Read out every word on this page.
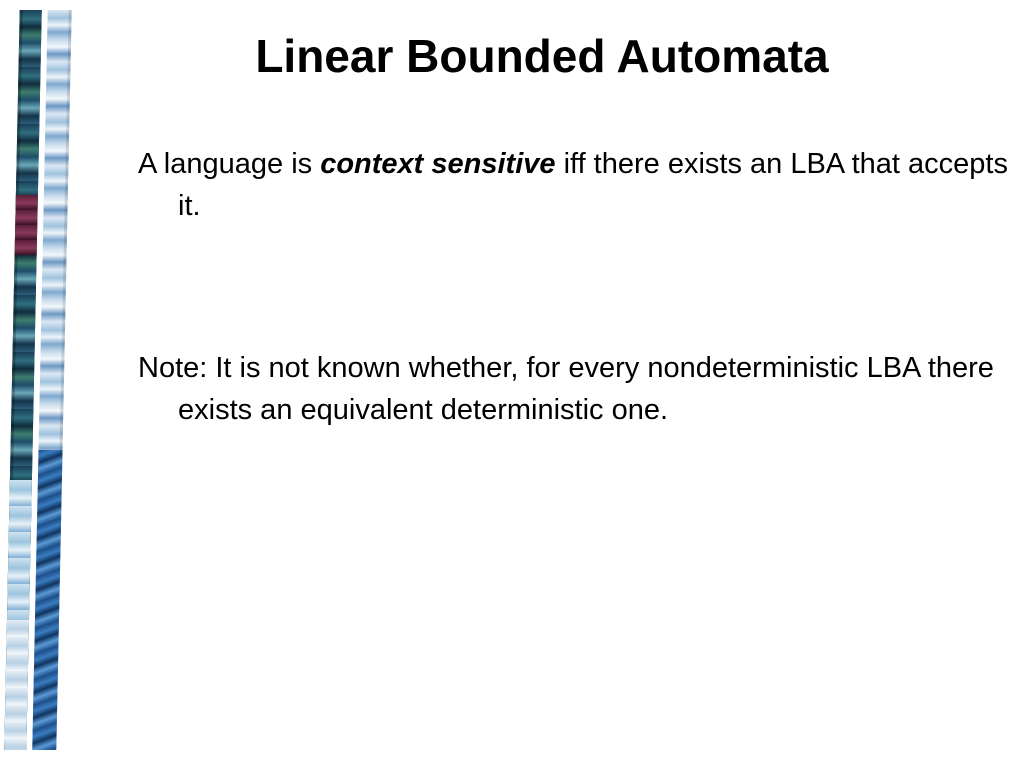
Linear Bounded Automata

A language is context sensitive iff there exists an LBA that accepts it.

Note: It is not known whether, for every nondeterministic LBA there exists an equivalent deterministic one.
